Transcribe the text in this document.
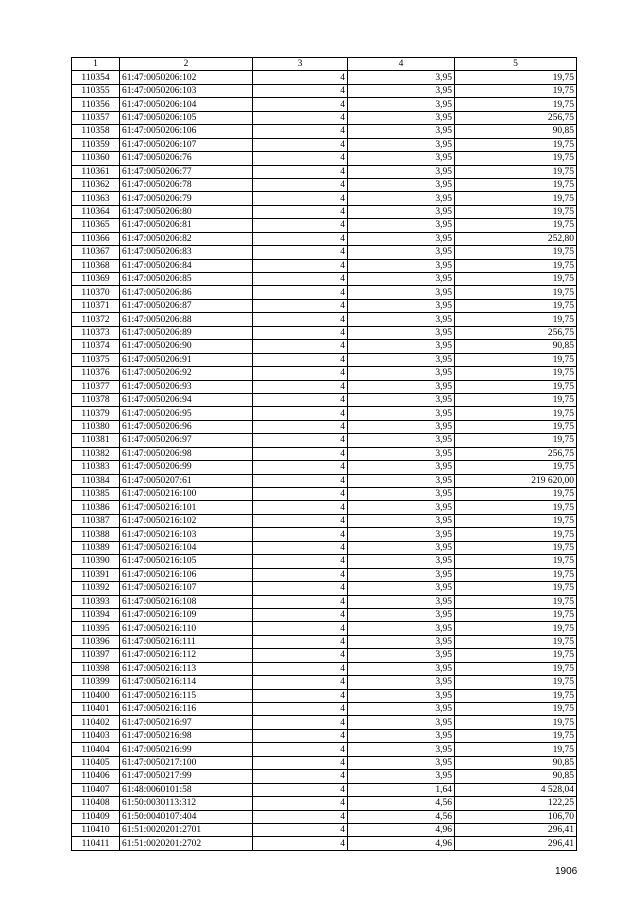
1	2	3	4	5
110354	61:47:0050206:102	4	3,95	19,75
110355	61:47:0050206:103	4	3,95	19,75
110356	61:47:0050206:104	4	3,95	19,75
110357	61:47:0050206:105	4	3,95	256,75
110358	61:47:0050206:106	4	3,95	90,85
110359	61:47:0050206:107	4	3,95	19,75
110360	61:47:0050206:76	4	3,95	19,75
110361	61:47:0050206:77	4	3,95	19,75
110362	61:47:0050206:78	4	3,95	19,75
110363	61:47:0050206:79	4	3,95	19,75
110364	61:47:0050206:80	4	3,95	19,75
110365	61:47:0050206:81	4	3,95	19,75
110366	61:47:0050206:82	4	3,95	252,80
110367	61:47:0050206:83	4	3,95	19,75
110368	61:47:0050206:84	4	3,95	19,75
110369	61:47:0050206:85	4	3,95	19,75
110370	61:47:0050206:86	4	3,95	19,75
110371	61:47:0050206:87	4	3,95	19,75
110372	61:47:0050206:88	4	3,95	19,75
110373	61:47:0050206:89	4	3,95	256,75
110374	61:47:0050206:90	4	3,95	90,85
110375	61:47:0050206:91	4	3,95	19,75
110376	61:47:0050206:92	4	3,95	19,75
110377	61:47:0050206:93	4	3,95	19,75
110378	61:47:0050206:94	4	3,95	19,75
110379	61:47:0050206:95	4	3,95	19,75
110380	61:47:0050206:96	4	3,95	19,75
110381	61:47:0050206:97	4	3,95	19,75
110382	61:47:0050206:98	4	3,95	256,75
110383	61:47:0050206:99	4	3,95	19,75
110384	61:47:0050207:61	4	3,95	219 620,00
110385	61:47:0050216:100	4	3,95	19,75
110386	61:47:0050216:101	4	3,95	19,75
110387	61:47:0050216:102	4	3,95	19,75
110388	61:47:0050216:103	4	3,95	19,75
110389	61:47:0050216:104	4	3,95	19,75
110390	61:47:0050216:105	4	3,95	19,75
110391	61:47:0050216:106	4	3,95	19,75
110392	61:47:0050216:107	4	3,95	19,75
110393	61:47:0050216:108	4	3,95	19,75
110394	61:47:0050216:109	4	3,95	19,75
110395	61:47:0050216:110	4	3,95	19,75
110396	61:47:0050216:111	4	3,95	19,75
110397	61:47:0050216:112	4	3,95	19,75
110398	61:47:0050216:113	4	3,95	19,75
110399	61:47:0050216:114	4	3,95	19,75
110400	61:47:0050216:115	4	3,95	19,75
110401	61:47:0050216:116	4	3,95	19,75
110402	61:47:0050216:97	4	3,95	19,75
110403	61:47:0050216:98	4	3,95	19,75
110404	61:47:0050216:99	4	3,95	19,75
110405	61:47:0050217:100	4	3,95	90,85
110406	61:47:0050217:99	4	3,95	90,85
110407	61:48:0060101:58	4	1,64	4 528,04
110408	61:50:0030113:312	4	4,56	122,25
110409	61:50:0040107:404	4	4,56	106,70
110410	61:51:0020201:2701	4	4,96	296,41
110411	61:51:0020201:2702	4	4,96	296,41
1906
